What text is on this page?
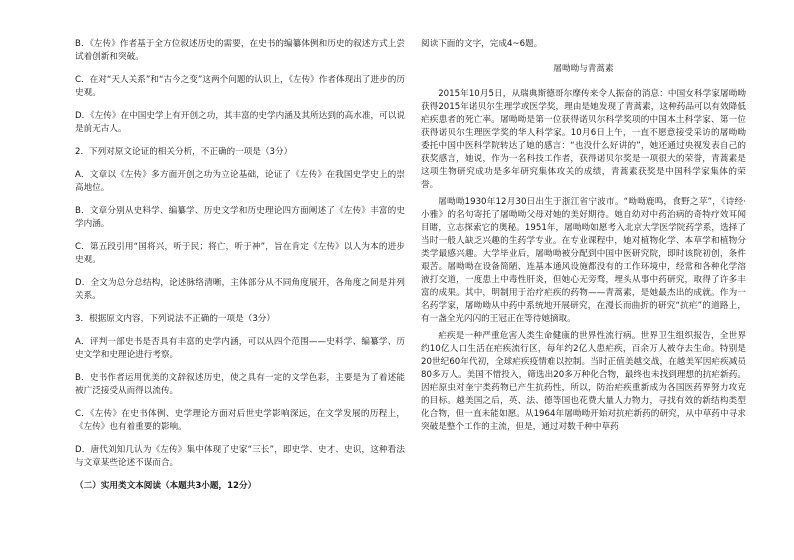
B．《左传》作者基于全方位叙述历史的需要，在史书的编纂体例和历史的叙述方式上尝试着创新和突破。

C．在对“天人关系”和“古今之变”这两个问题的认识上，《左传》作者体现出了进步的历史观。

D．《左传》在中国史学上有开创之功，其丰富的史学内涵及其所达到的高水准，可以说是前无古人。

2．下列对原文论证的相关分析，不正确的一项是（3分）

A．文章以《左传》多方面开创之功为立论基础，论证了《左传》在我国史学史上的崇高地位。

B．文章分别从史料学、编纂学、历史文学和历史理论四方面阐述了《左传》丰富的史学内涵。

C．第五段引用“国将兴，听于民；将亡，听于神”，旨在肯定《左传》以人为本的进步史观。

D．全文为总分总结构，论述脉络清晰，主体部分从不同角度展开，各角度之间是并列关系。

3．根据原文内容，下列说法不正确的一项是（3分）

A．评判一部史书是否具有丰富的史学内涵，可以从四个范围——史料学、编纂学、历史文学和史理论进行考察。

B．史书作者运用优美的文辞叙述历史，使之具有一定的文学色彩，主要是为了着述能被广泛接受从而得以流传。

C．《左传》在史书体例、史学理论方面对后世史学影响深远，在文学发展的历程上，《左传》也有着重要的影响。

D．唐代刘知几认为《左传》集中体现了史家“三长”，即史学、史才、史识，这种看法与文章某些论述不谋而合。

（二）实用类文本阅读（本题共3小题，12分）

阅读下面的文字，完成4~6题。

屠呦呦与青蒿素

2015年10月5日，从瑞典斯德哥尔摩传来令人振奋的消息：中国女科学家屠呦呦获得2015年诺贝尔生理学或医学奖，理由是她发现了青蒿素，这种药品可以有效降低疟疾患者的死亡率。屠呦呦是第一位获得诺贝尔科学奖项的中国本土科学家、第一位获得诺贝尔生理医学奖的华人科学家。10月6日上午，一直不愿意接受采访的屠呦呦委托中国中医科学院转达了她的感言：“也没什么好讲的”，她还通过央视发表自己的获奖感言，她说，作为一名科技工作者，获得诺贝尔奖是一项很大的荣誉，青蒿素是这项生物研究成功是多年研究集体攻关的成绩，青蒿素获奖是中国科学家集体的荣誉。

屠呦呦1930年12月30日出生于浙江省宁波市。“呦呦鹿鸣，食野之苹”，《诗经·小雅》的名句寄托了屠呦呦父母对她的美好期待。她自幼对中药治病的奇特疗效耳闻目睹，立志探索它的奥秘。1951年，屠呦呦如愿考入北京大学医学院药学系，选择了当时一般人缺乏兴趣的生药学专业。在专业课程中，她对植物化学、本草学和植物分类学最感兴趣。大学毕业后，屠呦呦被分配到中国中医研究院，即时该院初创，条件艰苦。屠呦呦在设备简陋、连基本通风设施都没有的工作环境中，经常和各种化学溶液打交道，一度患上中毒性肝炎，但她心无旁骛，埋头从事中药研究，取得了许多丰富的成果。其中，明制用于治疗疟疾的药物——青蒿素，是她最杰出的成就。作为一名药学家，屠呦呦从中药中系统地开展研究，在漫长而曲折的研究“抗疟”的道路上，有一盏全光闪闪的王冠正在等待她摘取。

疟疾是一种严重危害人类生命健康的世界性流行病。世界卫生组织报告，全世界约10亿人口生活在疟疾流行区，每年约2亿人患疟疾，百余万人被夺去生命。特别是20世纪60年代初，全球疟疾疫情难以控制。当时正值美越交战，在越美军因疟疾减员80多万人。美国不惜投入，筛选出20多万种化合物，最终也未找到理想的抗疟新药。因疟原虫对奎宁类药物已产生抗药性，所以，防治疟疾重新成为各国医药界努力攻克的目标。越美国之后，英、法、德等国也花费大量人力物力，寻找有效的新结构类型化合物，但一直未能如愿。从1964年屠呦呦开始对抗疟新药的研究，从中草药中寻求突破是整个工作的主流，但是，通过对数千种中草药
